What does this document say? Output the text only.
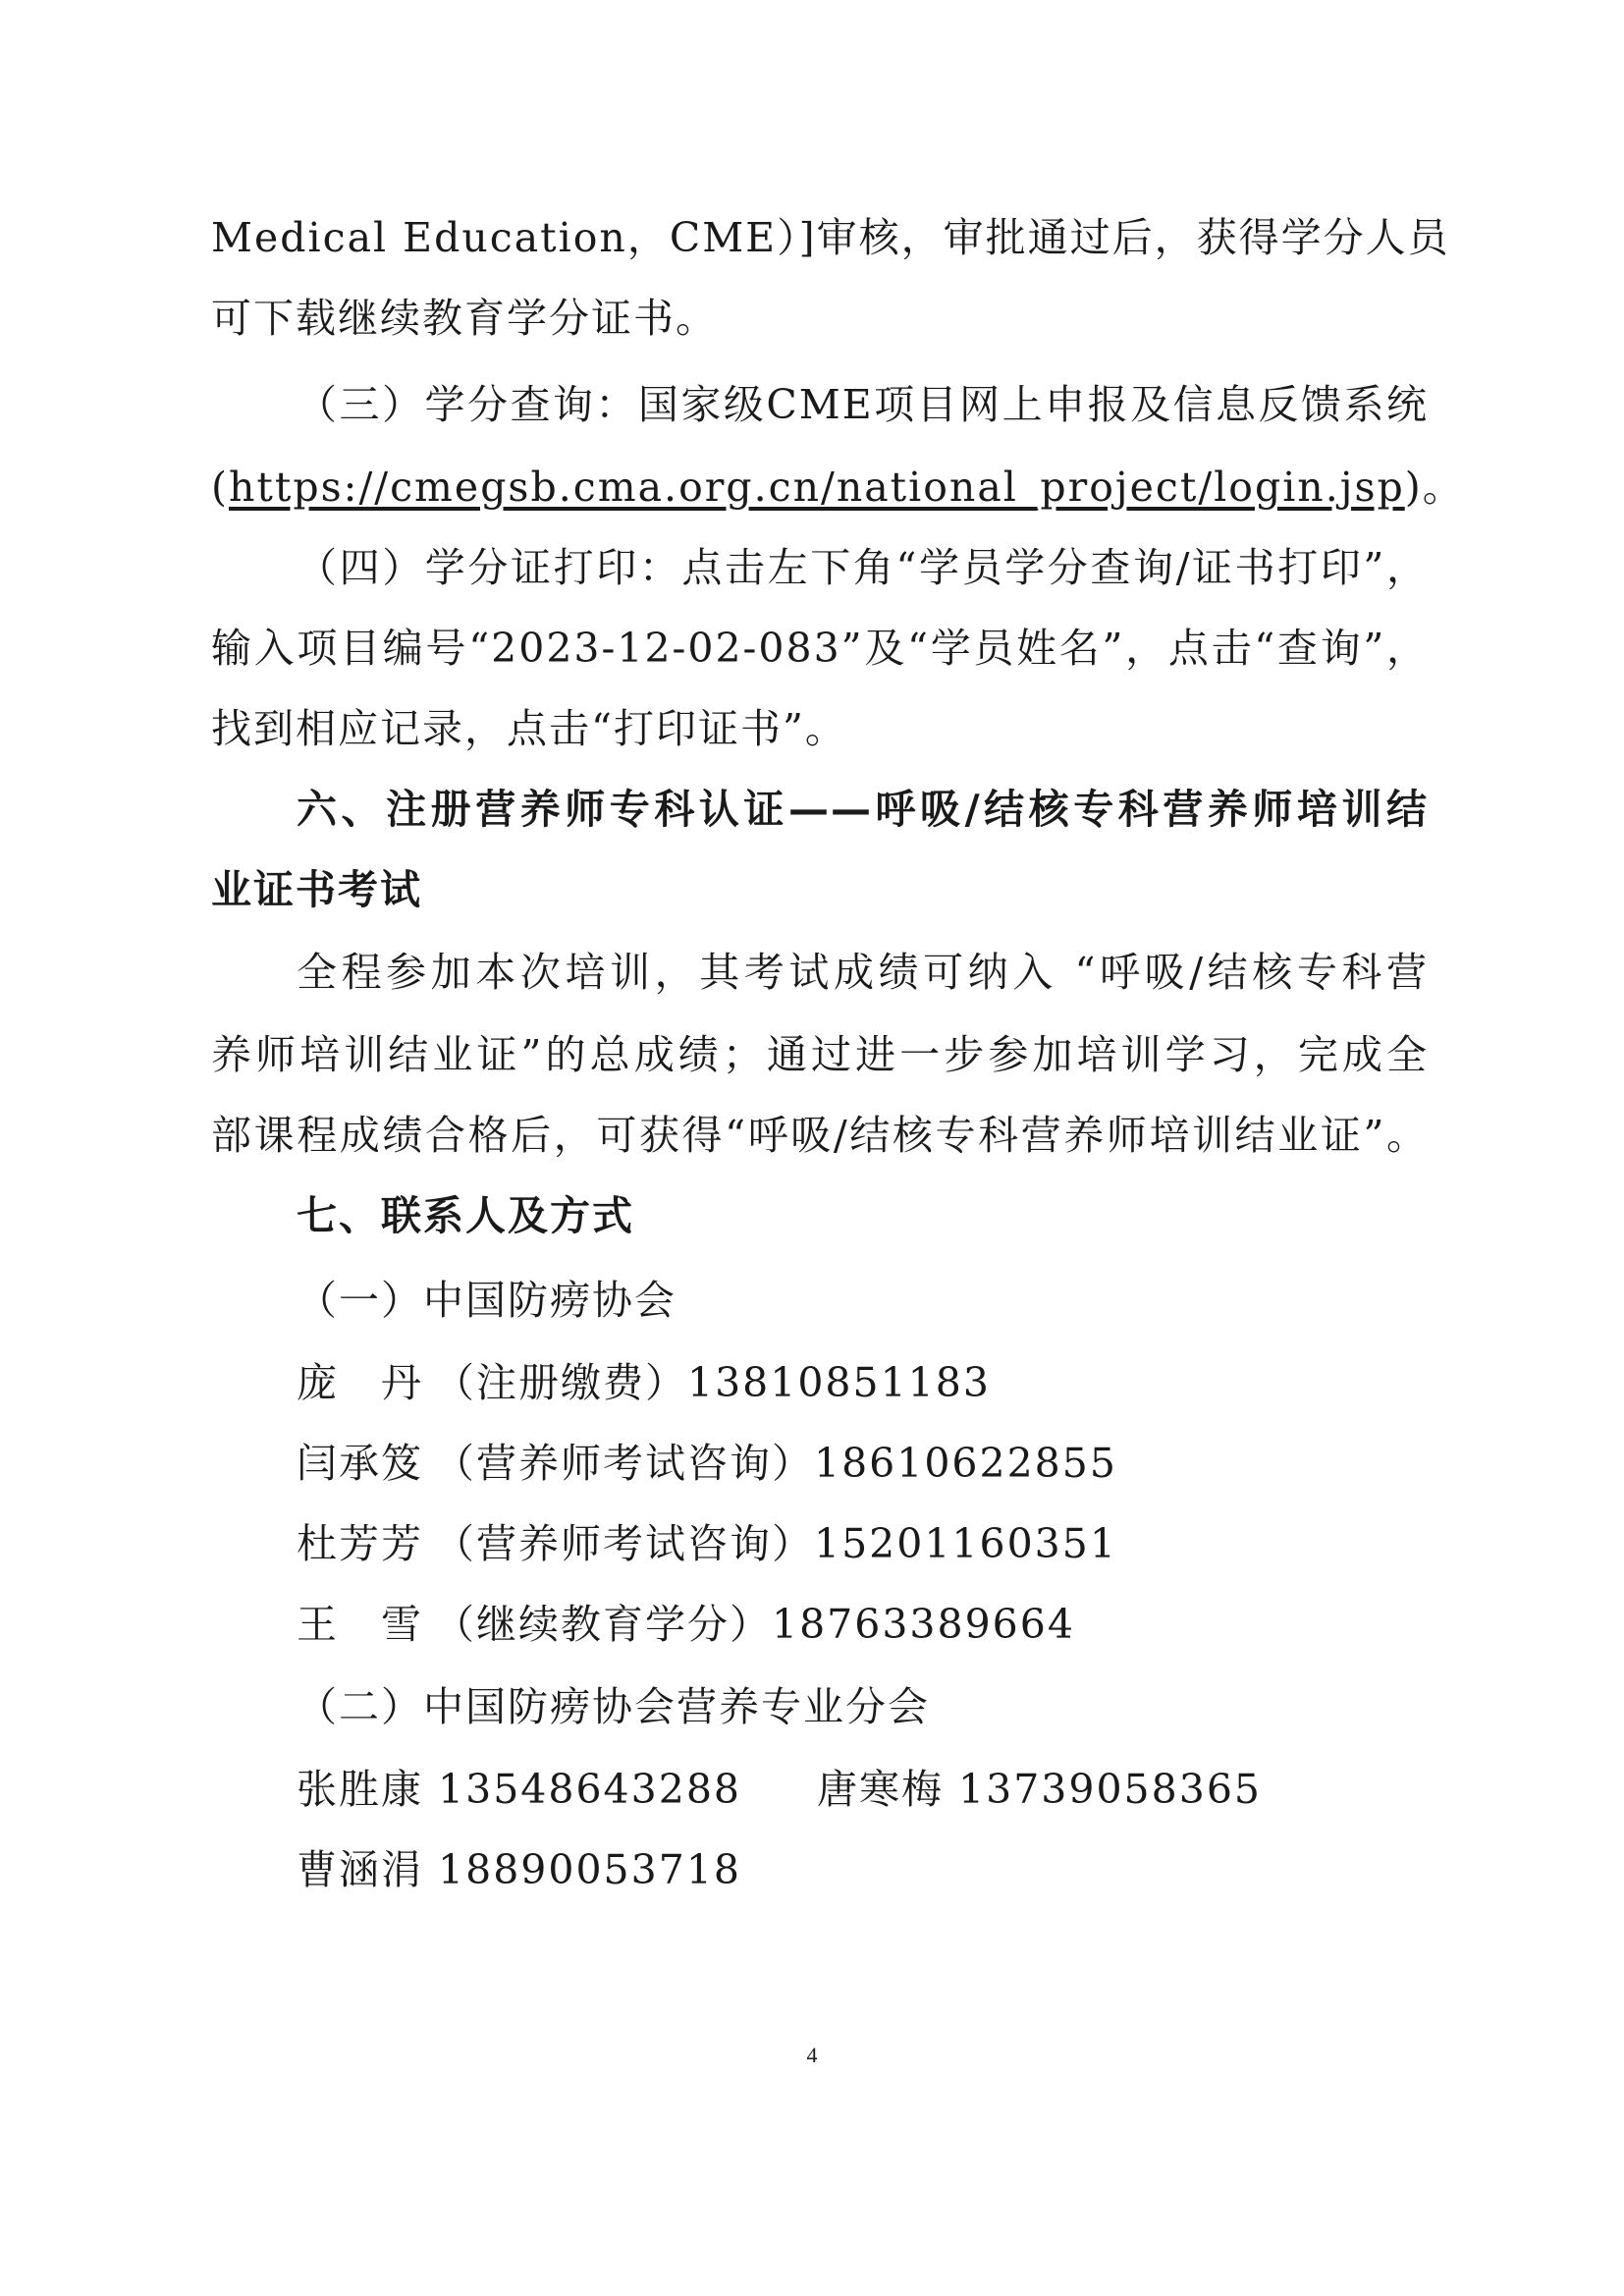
Medical Education，CME）]审核，审批通过后，获得学分人员
可下载继续教育学分证书。
（三）学分查询：国家级CME项目网上申报及信息反馈系统
(https://cmegsb.cma.org.cn/national_project/login.jsp)。
（四）学分证打印：点击左下角“学员学分查询/证书打印”，
输入项目编号“2023-12-02-083”及“学员姓名”，点击“查询”，
找到相应记录，点击“打印证书”。
六、注册营养师专科认证——呼吸/结核专科营养师培训结
业证书考试
全程参加本次培训，其考试成绩可纳入 “呼吸/结核专科营
养师培训结业证”的总成绩；通过进一步参加培训学习，完成全
部课程成绩合格后，可获得“呼吸/结核专科营养师培训结业证”。
七、联系人及方式
（一）中国防痨协会
庞　丹 （注册缴费）13810851183
闫承笈 （营养师考试咨询）18610622855
杜芳芳 （营养师考试咨询）15201160351
王　雪 （继续教育学分）18763389664
（二）中国防痨协会营养专业分会
张胜康 13548643288 唐寒梅 13739058365
曹涵涓 18890053718
4
